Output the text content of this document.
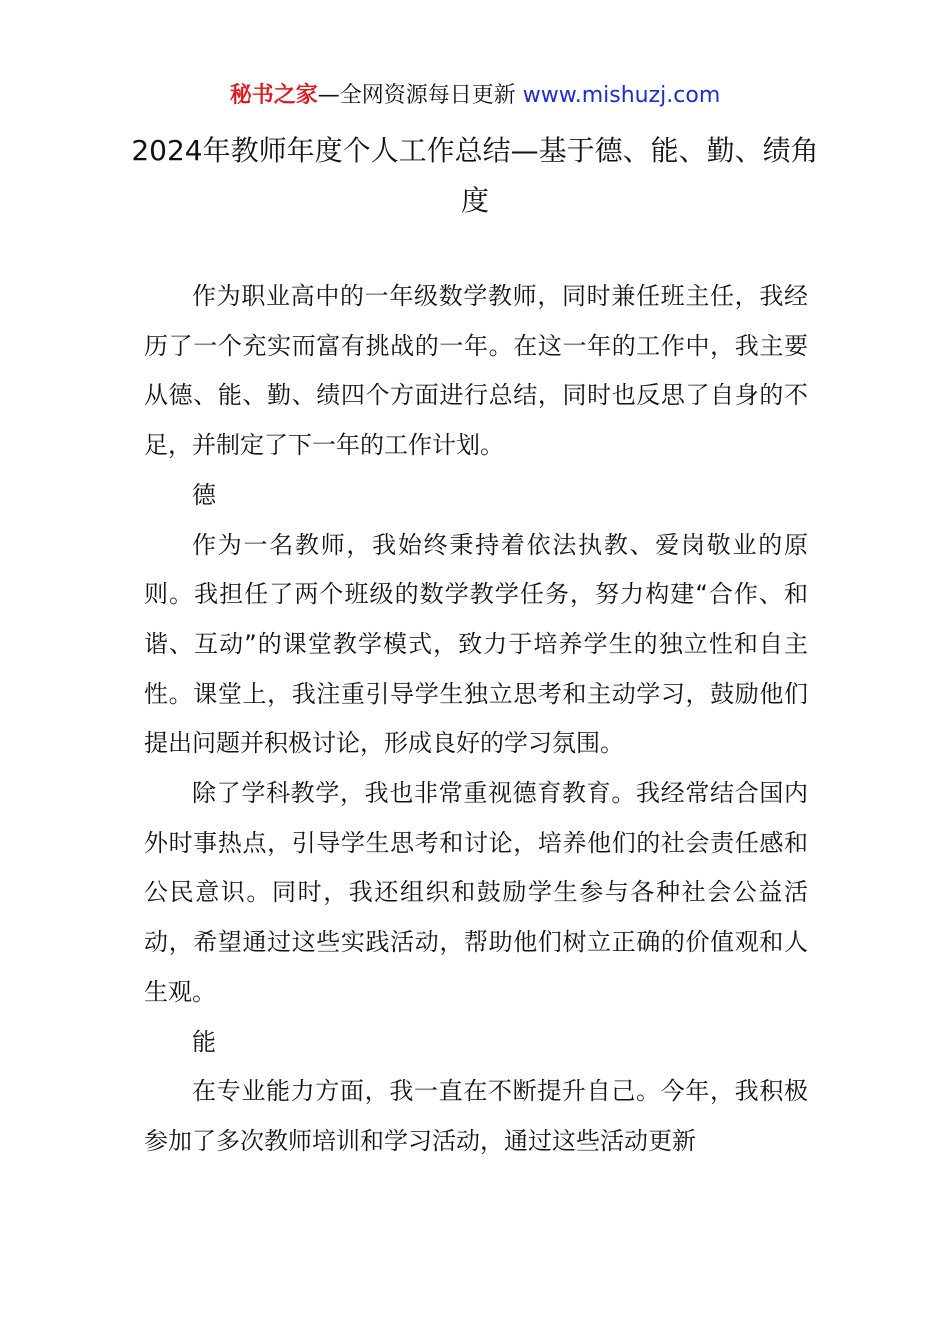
秘书之家—全网资源每日更新 www.mishuzj.com
2024年教师年度个人工作总结—基于德、能、勤、绩角度

作为职业高中的一年级数学教师，同时兼任班主任，我经历了一个充实而富有挑战的一年。在这一年的工作中，我主要从德、能、勤、绩四个方面进行总结，同时也反思了自身的不足，并制定了下一年的工作计划。

德

作为一名教师，我始终秉持着依法执教、爱岗敬业的原则。我担任了两个班级的数学教学任务，努力构建“合作、和谐、互动”的课堂教学模式，致力于培养学生的独立性和自主性。课堂上，我注重引导学生独立思考和主动学习，鼓励他们提出问题并积极讨论，形成良好的学习氛围。

除了学科教学，我也非常重视德育教育。我经常结合国内外时事热点，引导学生思考和讨论，培养他们的社会责任感和公民意识。同时，我还组织和鼓励学生参与各种社会公益活动，希望通过这些实践活动，帮助他们树立正确的价值观和人生观。

能

在专业能力方面，我一直在不断提升自己。今年，我积极参加了多次教师培训和学习活动，通过这些活动更新
